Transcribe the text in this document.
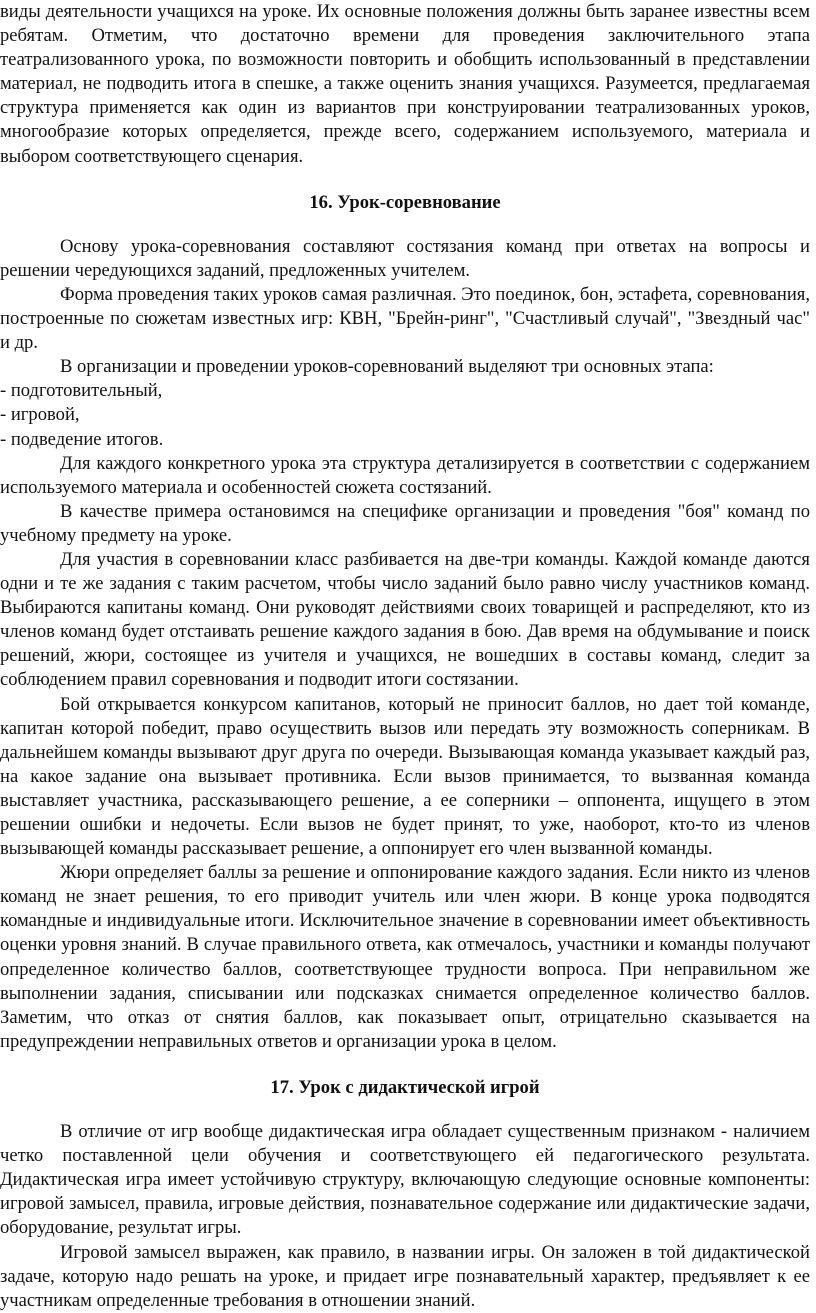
виды деятельности учащихся на уроке. Их основные положения должны быть заранее известны всем ребятам. Отметим, что достаточно времени для проведения заключительного этапа театрализованного урока, по возможности повторить и обобщить использованный в представлении материал, не подводить итога в спешке, а также оценить знания учащихся. Разумеется, предлагаемая структура применяется как один из вариантов при конструировании театрализованных уроков, многообразие которых определяется, прежде всего, содержанием используемого, материала и выбором соответствующего сценария.

16. Урок-соревнование

Основу урока-соревнования составляют состязания команд при ответах на вопросы и решении чередующихся заданий, предложенных учителем.

Форма проведения таких уроков самая различная. Это поединок, бон, эстафета, соревнования, построенные по сюжетам известных игр: КВН, "Брейн-ринг", "Счастливый случай", "Звездный час" и др.

В организации и проведении уроков-соревнований выделяют три основных этапа:

- подготовительный,

- игровой,

- подведение итогов.

Для каждого конкретного урока эта структура детализируется в соответствии с содержанием используемого материала и особенностей сюжета состязаний.

В качестве примера остановимся на специфике организации и проведения "боя" команд по учебному предмету на уроке.

Для участия в соревновании класс разбивается на две-три команды. Каждой команде даются одни и те же задания с таким расчетом, чтобы число заданий было равно числу участников команд. Выбираются капитаны команд. Они руководят действиями своих товарищей и распределяют, кто из членов команд будет отстаивать решение каждого задания в бою. Дав время на обдумывание и поиск решений, жюри, состоящее из учителя и учащихся, не вошедших в составы команд, следит за соблюдением правил соревнования и подводит итоги состязании.

Бой открывается конкурсом капитанов, который не приносит баллов, но дает той команде, капитан которой победит, право осуществить вызов или передать эту возможность соперникам. В дальнейшем команды вызывают друг друга по очереди. Вызывающая команда указывает каждый раз, на какое задание она вызывает противника. Если вызов принимается, то вызванная команда выставляет участника, рассказывающего решение, а ее соперники – оппонента, ищущего в этом решении ошибки и недочеты. Если вызов не будет принят, то уже, наоборот, кто-то из членов вызывающей команды рассказывает решение, а оппонирует его член вызванной команды.

Жюри определяет баллы за решение и оппонирование каждого задания. Если никто из членов команд не знает решения, то его приводит учитель или член жюри. В конце урока подводятся командные и индивидуальные итоги. Исключительное значение в соревновании имеет объективность оценки уровня знаний. В случае правильного ответа, как отмечалось, участники и команды получают определенное количество баллов, соответствующее трудности вопроса. При неправильном же выполнении задания, списывании или подсказках снимается определенное количество баллов. Заметим, что отказ от снятия баллов, как показывает опыт, отрицательно сказывается на предупреждении неправильных ответов и организации урока в целом.

17. Урок с дидактической игрой

В отличие от игр вообще дидактическая игра обладает существенным признаком - наличием четко поставленной цели обучения и соответствующего ей педагогического результата. Дидактическая игра имеет устойчивую структуру, включающую следующие основные компоненты: игровой замысел, правила, игровые действия, познавательное содержание или дидактические задачи, оборудование, результат игры.

Игровой замысел выражен, как правило, в названии игры. Он заложен в той дидактической задаче, которую надо решать на уроке, и придает игре познавательный характер, предъявляет к ее участникам определенные требования в отношении знаний.
